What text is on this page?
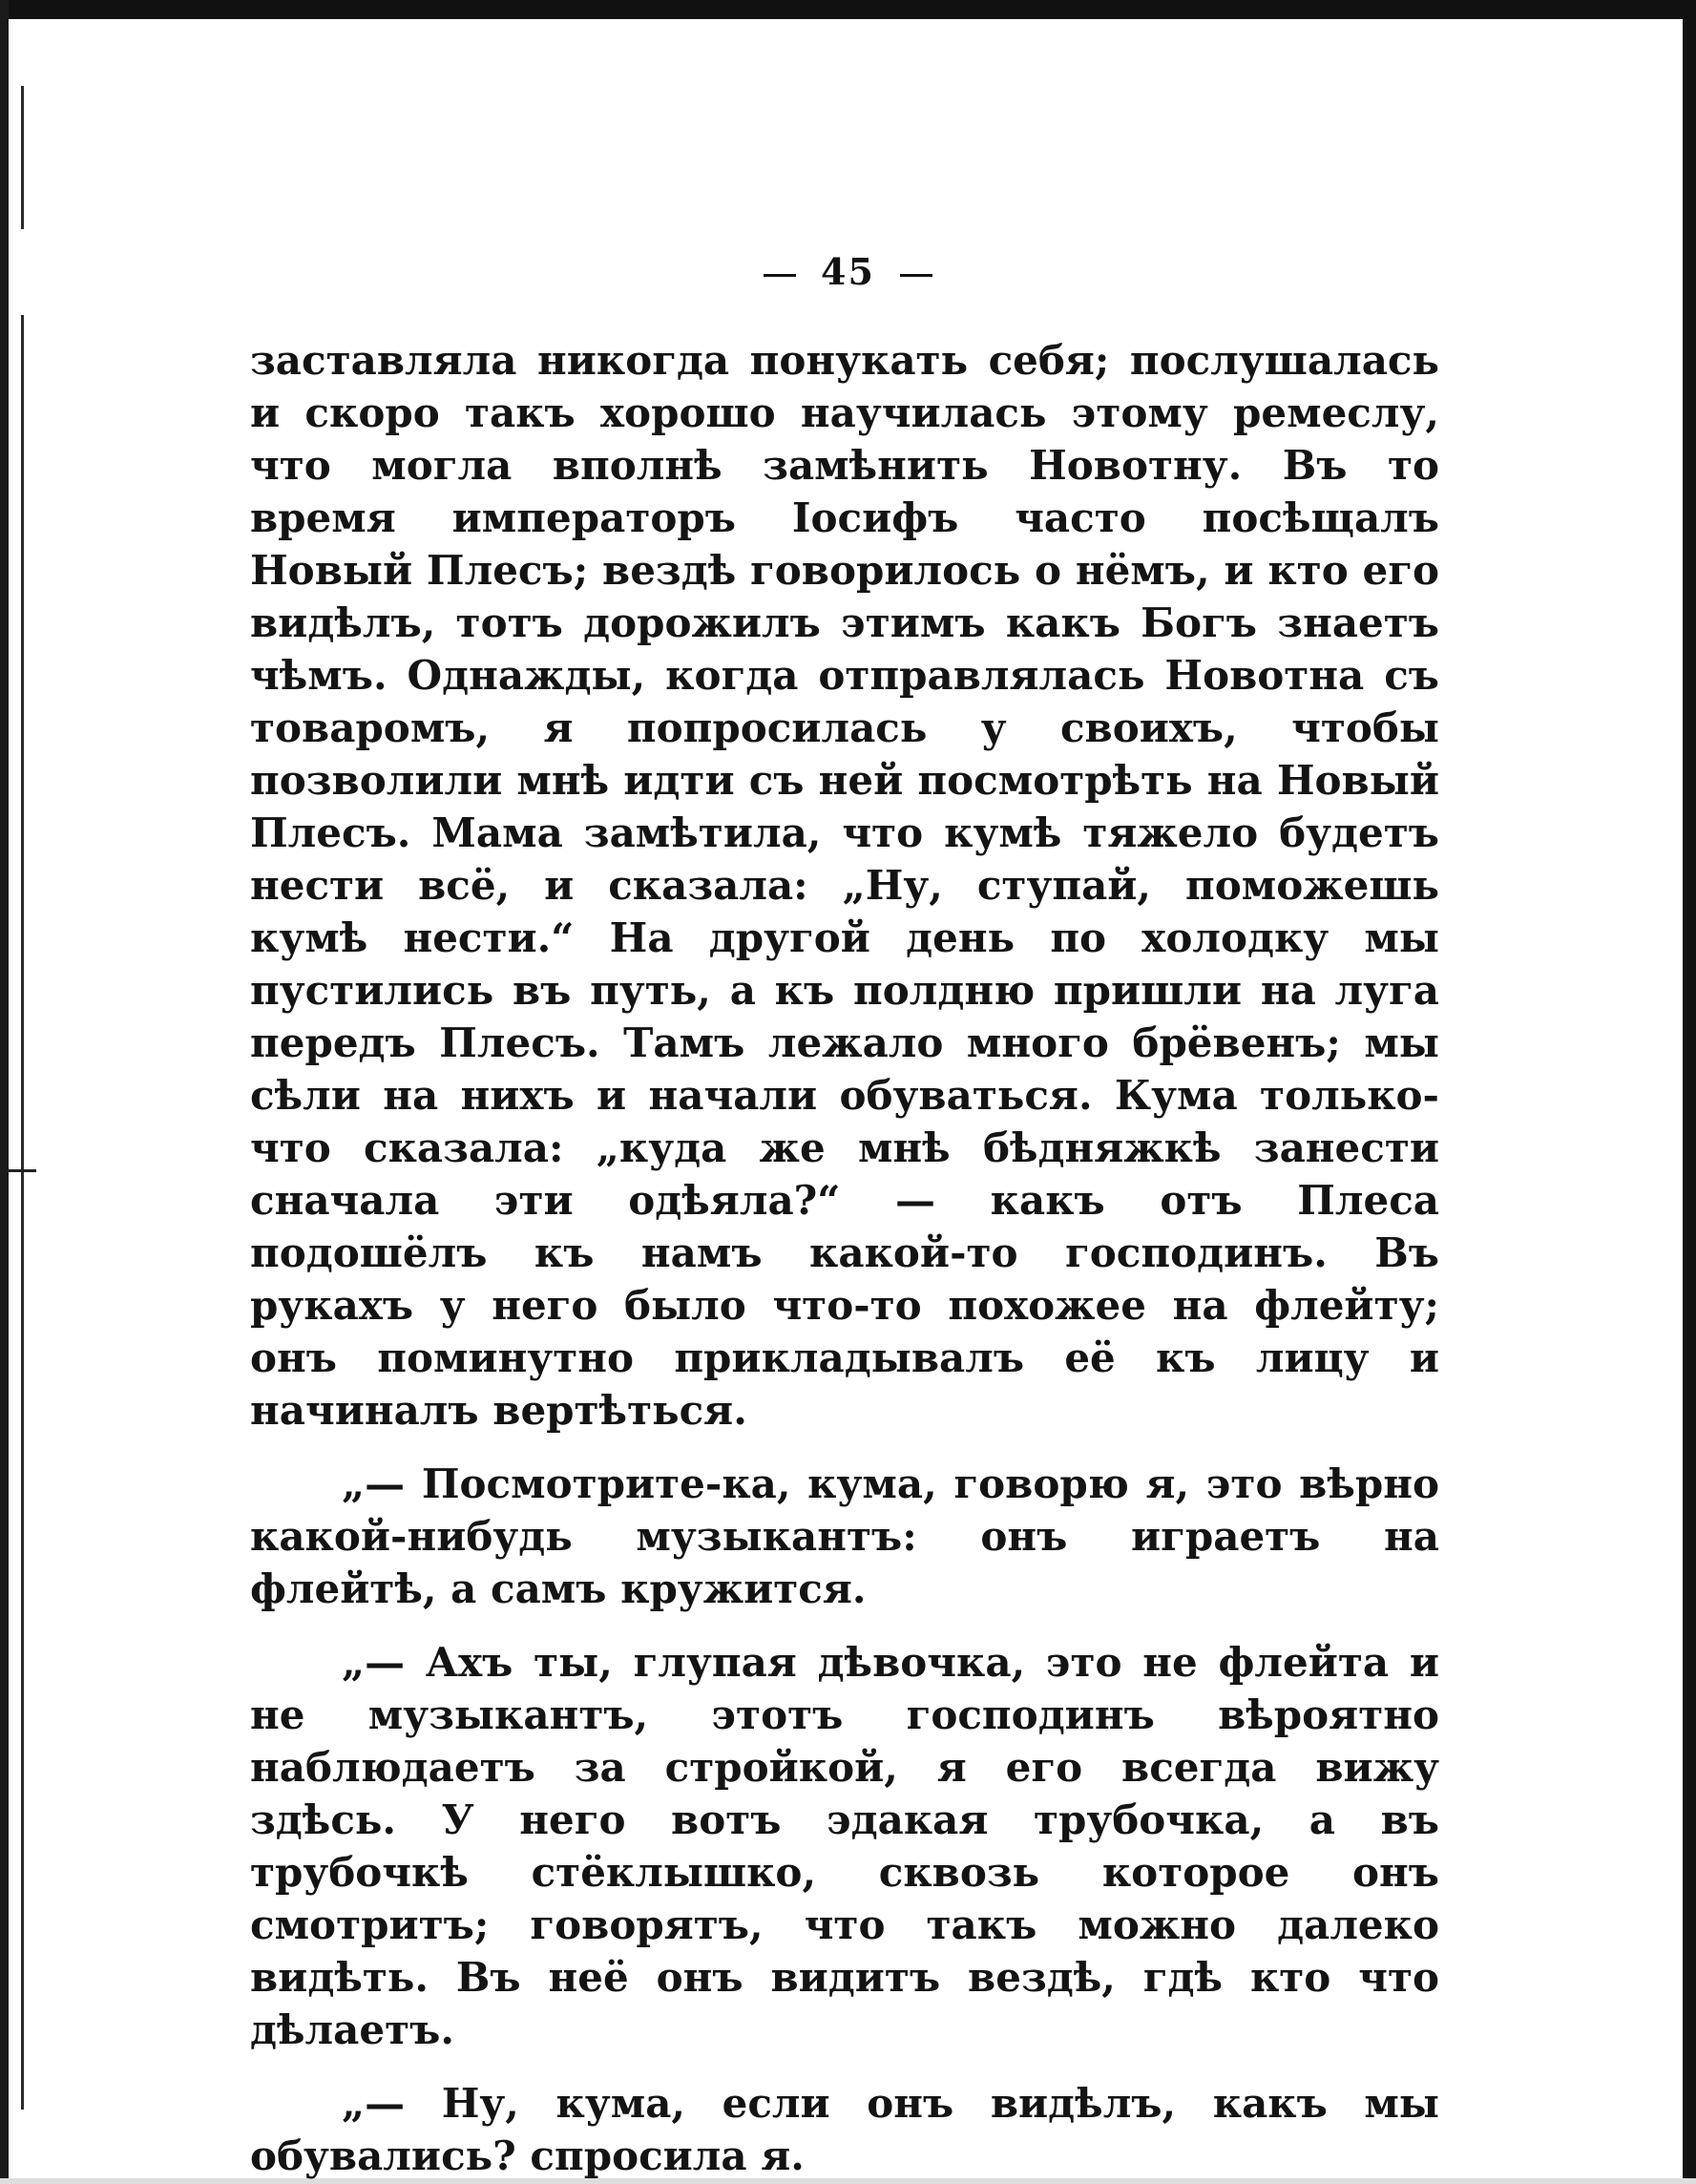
45

заставляла никогда понукать себя; послушалась и скоро такъ хорошо научилась этому ремеслу, что могла вполнѣ замѣнить Новотну. Въ то время императоръ Іосифъ часто посѣщалъ Новый Плесъ; вездѣ говорилось о нёмъ, и кто его видѣлъ, тотъ дорожилъ этимъ какъ Богъ знаетъ чѣмъ. Однажды, когда отправлялась Новотна съ товаромъ, я попросилась у своихъ, чтобы позволили мнѣ идти съ ней посмотрѣть на Новый Плесъ. Мама замѣтила, что кумѣ тяжело будетъ нести всё, и сказала: „Ну, ступай, поможешь кумѣ нести.“ На другой день по холодку мы пустились въ путь, а къ полдню пришли на луга передъ Плесъ. Тамъ лежало много брёвенъ; мы сѣли на нихъ и начали обуваться. Кума только-что сказала: „куда же мнѣ бѣдняжкѣ занести сначала эти одѣяла?“ — какъ отъ Плеса подошёлъ къ намъ какой-то господинъ. Въ рукахъ у него было что-то похожее на флейту; онъ поминутно прикладывалъ её къ лицу и начиналъ вертѣться.

„— Посмотрите-ка, кума, говорю я, это вѣрно какой-нибудь музыкантъ: онъ играетъ на флейтѣ, а самъ кружится.

„— Ахъ ты, глупая дѣвочка, это не флейта и не музыкантъ, этотъ господинъ вѣроятно наблюдаетъ за стройкой, я его всегда вижу здѣсь. У него вотъ эдакая трубочка, а въ трубочкѣ стёклышко, сквозь которое онъ смотритъ; говорятъ, что такъ можно далеко видѣть. Въ неё онъ видитъ вездѣ, гдѣ кто что дѣлаетъ.

„— Ну, кума, если онъ видѣлъ, какъ мы обувались? спросила я.
